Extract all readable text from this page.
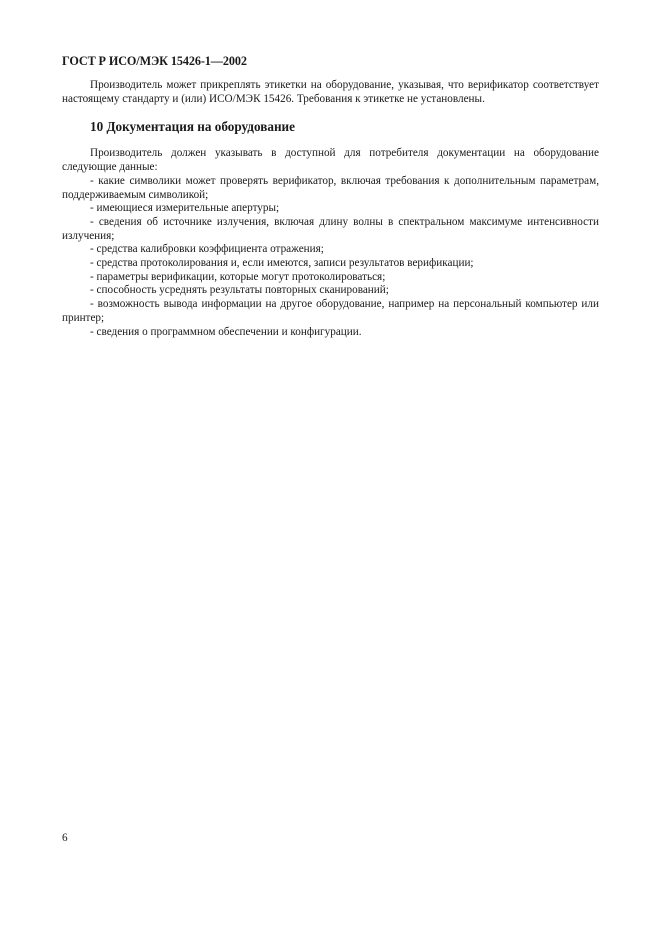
ГОСТ Р ИСО/МЭК 15426-1—2002

Производитель может прикреплять этикетки на оборудование, указывая, что верификатор соответствует настоящему стандарту и (или) ИСО/МЭК 15426. Требования к этикетке не установлены.

10 Документация на оборудование

Производитель должен указывать в доступной для потребителя документации на оборудование следующие данные:

- какие символики может проверять верификатор, включая требования к дополнительным параметрам, поддерживаемым символикой;
- имеющиеся измерительные апертуры;
- сведения об источнике излучения, включая длину волны в спектральном максимуме интенсивности излучения;
- средства калибровки коэффициента отражения;
- средства протоколирования и, если имеются, записи результатов верификации;
- параметры верификации, которые могут протоколироваться;
- способность усреднять результаты повторных сканирований;
- возможность вывода информации на другое оборудование, например на персональный компьютер или принтер;
- сведения о программном обеспечении и конфигурации.
6
